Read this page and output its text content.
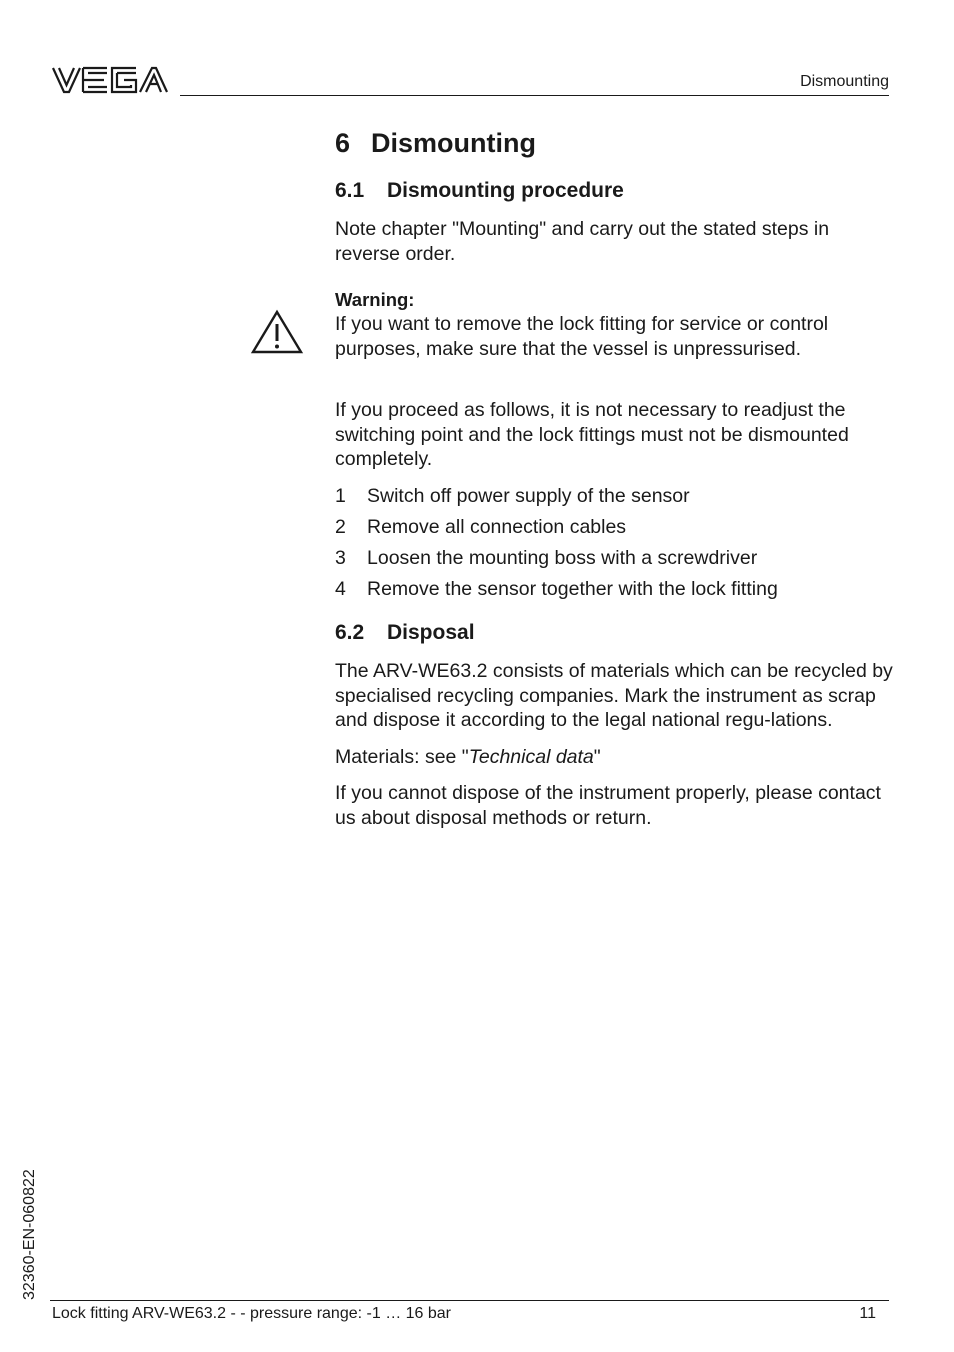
Dismounting
6 Dismounting
6.1 Dismounting procedure

Note chapter "Mounting" and carry out the stated steps in reverse order.

Warning:

If you want to remove the lock fitting for service or control purposes, make sure that the vessel is unpressurised.

If you proceed as follows, it is not necessary to readjust the switching point and the lock fittings must not be dismounted completely.

1 Switch off power supply of the sensor
2 Remove all connection cables
3 Loosen the mounting boss with a screwdriver
4 Remove the sensor together with the lock fitting
6.2 Disposal

The ARV-WE63.2 consists of materials which can be recycled by specialised recycling companies. Mark the instrument as scrap and dispose it according to the legal national regu-lations.

Materials: see "Technical data"

If you cannot dispose of the instrument properly, please contact us about disposal methods or return.

32360-EN-060822
Lock fitting ARV-WE63.2 - - pressure range: -1 … 16 bar	11
